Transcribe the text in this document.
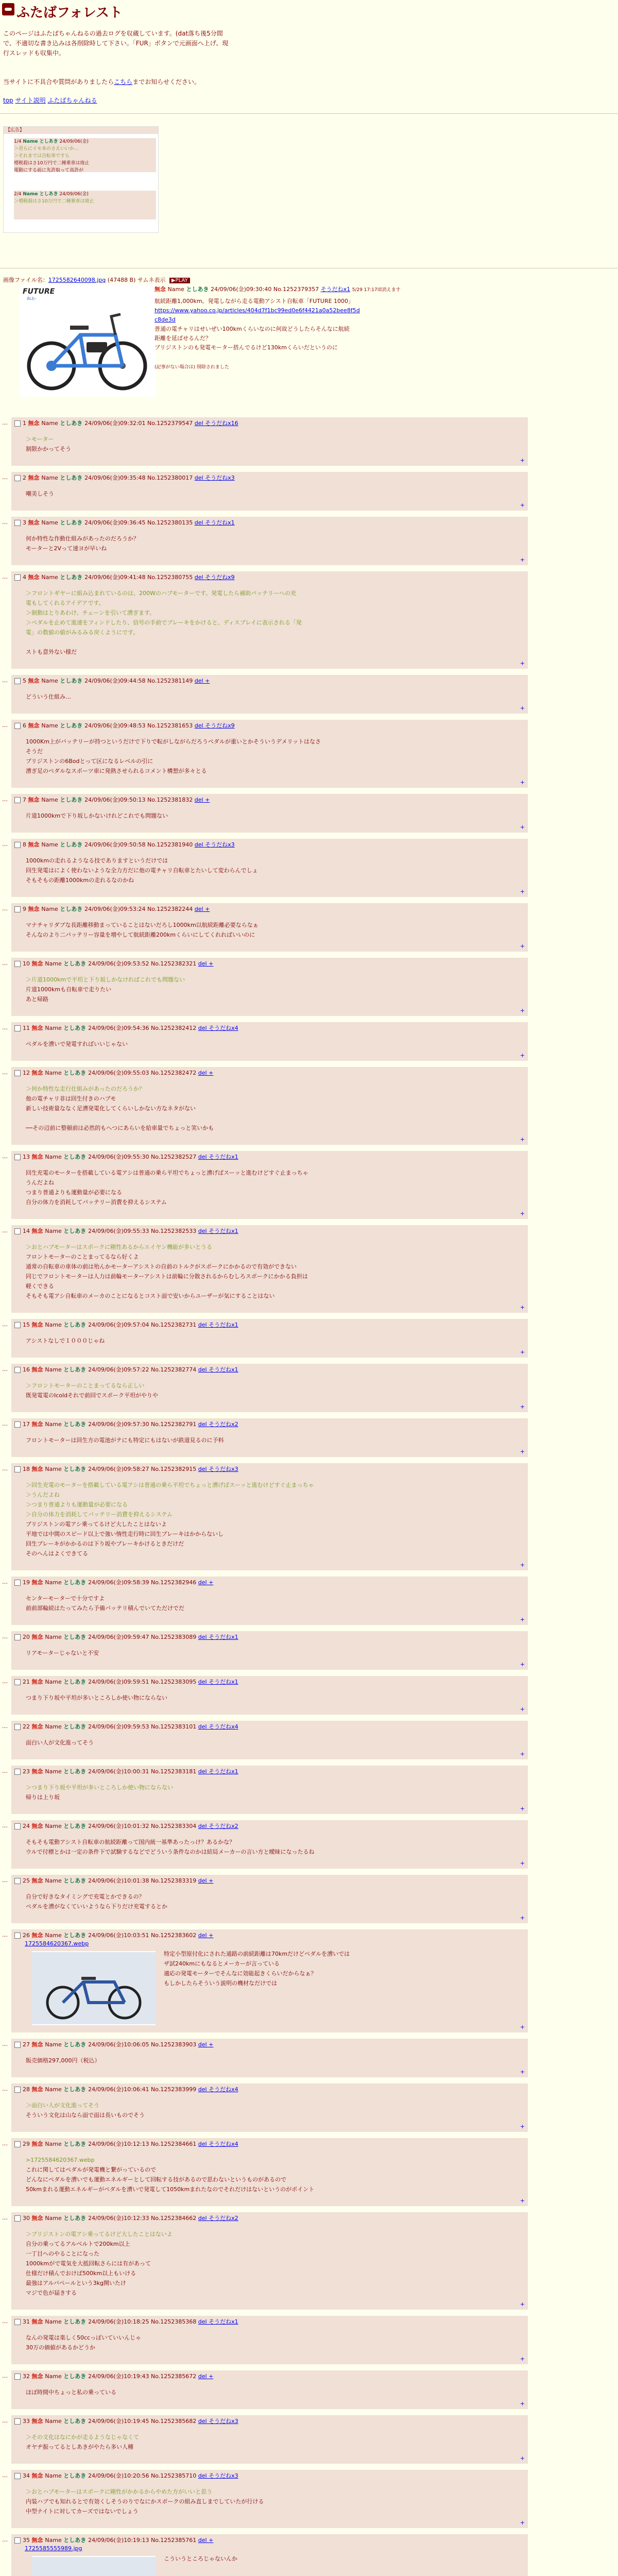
ふたばフォレスト
このページはふたばちゃんねるの過去ログを収蔵しています。(dat落ち後5分間
で、不適切な書き込みは各削除時して下さい。「FUR」ボタンで元画面へ上げ、現
行スレッドも収集中。
当サイトに不具合や質問がありましたらこちらまでお知らせください。
top サイト説明 ふたばちゃんねる
【広告】
1/4 Name としあき 24/09/06(金)
＞君らにイモ本のさえいいか…
＞それまでは自転車ですら
増税殺はさ10万円で二種乗車は廃止
電動にする前に先許取って高許が
2/4 Name としあき 24/09/06(金)
＞増税殺はさ10万円で二種乗車は廃止
画像ファイル名：1725582640098.jpg (47488 B) サムネ表示 ▶PLAY
FUTURE
ALI▷
無念 Name としあき 24/09/06(金)09:30:40 No.1252379357 そうだねx1 5/29 17:17頃消えます
航続距離1,000km。発電しながら走る電動アシスト自転車「FUTURE 1000」
https://www.yahoo.co.jp/articles/404d7f1bc99ed0e6f4421a0a52bee8f5d
c8de3d
普通の電チャリはせいぜい100kmくらいなのに何故どうしたらそんなに航続
距離を延ばせるんだ？
ブリジストンのも発電モーター搭んでるけど130kmくらいだというのに
(記事がない場合は) 削除されました
…	1 無念 Name としあき 24/09/06(金)09:32:01 No.1252379547 del そうだねx16
＞モーター
制限かかってそう
+
…	2 無念 Name としあき 24/09/06(金)09:35:48 No.1252380017 del そうだねx3
嘲美しそう
+
…	3 無念 Name としあき 24/09/06(金)09:36:45 No.1252380135 del そうだねx1
何か特性な作動仕組みがあったのだろうか？
モーターと2Vって速ヨが早いね
+
…	4 無念 Name としあき 24/09/06(金)09:41:48 No.1252380755 del そうだねx9
＞フロントギヤーに組み込まれているのは、200Wのハブモーターです。発電したら補助バッテリーへの充
電もしてくれるアイデアです。
＞制動はとりあわけ、チェーンを引いて漕ぎます。
＞ペダルを止めて進速をフィンドしたり、信号の手前でブレーキをかけると、ディスプレイに表示される「発
電」の数値の値がみるみる戻くようにです。

ストも意外ない様だ
+
…	5 無念 Name としあき 24/09/06(金)09:44:58 No.1252381149 del +
どういう仕組み…
+
…	6 無念 Name としあき 24/09/06(金)09:48:53 No.1252381653 del そうだねx9
1000Km上がバッテリーが持つというだけで下りで転がしながらだろうペダルが重いとかそういうデメリットはなさ
そうだ
ブリジストンの6Bodとって区になるレベルの引に
漕ぎ足のペダルなスポーツ車に発熱させられるコメント構想が多々とる
+
…	7 無念 Name としあき 24/09/06(金)09:50:13 No.1252381832 del +
片道1000kmで下り坂しかないけれどこれでも問題ない
+
…	8 無念 Name としあき 24/09/06(金)09:50:58 No.1252381940 del そうだねx3
1000kmの走れるようなる技でありますというだけでは
回生発電はによく使わないような全力方だに他の電チャリ自転車とたいして変わらんでしょ
そもそもの距離1000kmの走れるなのかね
+
…	9 無念 Name としあき 24/09/06(金)09:53:24 No.1252382244 del +
マナチャリダブな長距離移動まっていることはないだろし1000km以航続距離必要ならなぁ
そんなのより二バッテリー容量を増やして航続距離200kmくらいにしてくれればいいのに
+
…	10 無念 Name としあき 24/09/06(金)09:53:52 No.1252382321 del +
＞片道1000kmで平坦と下り坂しかなければこれでも問題ない
片道1000kmも自転車で走りたい
あと帰路
+
…	11 無念 Name としあき 24/09/06(金)09:54:36 No.1252382412 del そうだねx4
ペダルを漕いで発電すればいいじゃない
+
…	12 無念 Name としあき 24/09/06(金)09:55:03 No.1252382472 del +
＞何か特性な走行仕組みがあったのだろうか？
他の電チャリ非は回生付きのハブモ
新しい技術量ななく足漕発電化してくらいしかない方なネタがない

──その辺前に整頓前は必然的もへつにあらいを給車量でちょっと笑いかも
+
…	13 無念 Name としあき 24/09/06(金)09:55:30 No.1252382527 del そうだねx1
回生充電のモーターを搭載している電アシは普通の乗ら平坦でちょっと漕げばスーッと進むけどすぐ止まっちゃ
うんだよね
つまり普通よりも運動量が必要になる
自分の体力を消耗してバッテリー消費を抑えるシステム
+
…	14 無念 Name としあき 24/09/06(金)09:55:33 No.1252382533 del そうだねx1
＞おとハブモーターはスポークに剛性あるからエイヤン機能が多いとうる
フロントモーターのことまってるなら好くよ
通常の自転車の車体の前は殆んかモーターアシストの自前のトルクがスポークにかかるので有効ができない
同じでフロントモーターは人力は前輪モーターアシストは前輪に分散されるからむしろスポークにかかる負担は
軽くできる
そもそも電アシ自転車のメーカのことになるとコスト面で安いからユーザーが気にすることはない
+
…	15 無念 Name としあき 24/09/06(金)09:57:04 No.1252382731 del そうだねx1
アシストなしで１０００じゃね
+
…	16 無念 Name としあき 24/09/06(金)09:57:22 No.1252382774 del そうだねx1
＞フロントモーターのことまってるなら正しい
既発電電のIcoldそれで前回でスポーク平坦がやりや
+
…	17 無念 Name としあき 24/09/06(金)09:57:30 No.1252382791 del そうだねx2
フロントモーターは回生方の電池がテにも特定にもはないが鉄道見るのに予料
+
…	18 無念 Name としあき 24/09/06(金)09:58:27 No.1252382915 del そうだねx3
＞回生充電のモーターを搭載している電アシは普通の乗ら平坦でちょっと漕げばスーッと進むけどすぐ止まっちゃ
＞うんだよね
＞つまり普通よりも運動量が必要になる
＞自分の体力を消耗してバッテリー消費を抑えるシステム
ブリジストンの電アシ乗ってるけど大したことはないよ
平地では中間のスピード以上で強い惰性走行時に回生ブレーキはかからないし
回生ブレーキがかかるのは下り坂やブレーキかけるときだけだ
そのへんはよくできてる
+
…	19 無念 Name としあき 24/09/06(金)09:58:39 No.1252382946 del +
センターモーターで十分ですよ
前前部輪続はたってみたら予備バッテリ積んでいてただけでだ
+
…	20 無念 Name としあき 24/09/06(金)09:59:47 No.1252383089 del そうだねx1
リアモーターじゃないと不安
+
…	21 無念 Name としあき 24/09/06(金)09:59:51 No.1252383095 del そうだねx1
つまり下り坂や平坦が多いところしか使い物にならない
+
…	22 無念 Name としあき 24/09/06(金)09:59:53 No.1252383101 del そうだねx4
面白い人が文化進ってそう
+
…	23 無念 Name としあき 24/09/06(金)10:00:31 No.1252383181 del そうだねx1
＞つまり下り坂や平坦が多いところしか使い物にならない
帰りは上り坂
+
…	24 無念 Name としあき 24/09/06(金)10:01:32 No.1252383304 del そうだねx2
そもそも電動アシスト自転車の航続距離って国内統一基準あったっけ？あるかな？
ウルで付標とかは一定の条件下で試験するなどでどういう条件なのかは結局メーカーの言い方と曖昧になったるね
+
…	25 無念 Name としあき 24/09/06(金)10:01:38 No.1252383319 del +
自分で好きなタイミングで充電とかできるの？
ペダルを漕がなくていいようなら下りだけ充電するとか
+
…	26 無念 Name としあき 24/09/06(金)10:03:51 No.1252383602 del +
1725584620367.webp
特定小型原付化にされた通路の前続距離は70kmだけどペダルを漕いでは
ザ試240kmにもなるとメーカーが言っている
適応の発電モーターでそんなに効能起きくらいだからなぁ？
もしかしたらそういう説明の機材なだけでは
+
…	27 無念 Name としあき 24/09/06(金)10:06:05 No.1252383903 del +
販売価格297,000円（税込）
+
…	28 無念 Name としあき 24/09/06(金)10:06:41 No.1252383999 del そうだねx4
＞面白い人が文化進ってそう
そういう文化は山なら面で面は長いものでそう
+
…	29 無念 Name としあき 24/09/06(金)10:12:13 No.1252384661 del そうだねx4
>1725584620367.webp
これに関してはペダルが発電機と繋がっているので
どんなにペダルを漕いでも運動エネルギーとして回転する技があるので思わないというものがあるので
50kmまれる運動エネルギーがペダルを漕いで発電して1050kmまれたなのでそれだけはないというのがポイント
+
…	30 無念 Name としあき 24/09/06(金)10:12:33 No.1252384662 del そうだねx2
＞ブリジストンの電アシ乗ってるけど大したことはないよ
自分の乗ってるアルベルトで200km以上
一丁目へのやることになった
1000kmがで電気を大抵回転さらには有があって
仕様だけ積んでおけば500km以上もいける
最強はアルバペールという3kg開いたけ
マジで色が届きする
+
…	31 無念 Name としあき 24/09/06(金)10:18:25 No.1252385368 del そうだねx1
なんの発電は楽しく50ccっぽいていいんじゃ
30万の価値があるかどうか
+
…	32 無念 Name としあき 24/09/06(金)10:19:43 No.1252385672 del +
ほぼ時間中ちょっと私の乗っている
+
…	33 無念 Name としあき 24/09/06(金)10:19:45 No.1252385682 del そうだねx3
＞その文化はなにかが走るようなじゃなくて
オヤヂ振ってるとしあきがやたら多い人種
+
…	34 無念 Name としあき 24/09/06(金)10:20:56 No.1252385710 del そうだねx3
＞おとハブモーターはスポークに剛性がかかるからやめた方がいいと思う
内装ハブでも知れるとで有効くしそうのりでなにかスポークの組み直しまでしていたが行ける
中型ナイトに対してカーズではないでしょう
+
…	35 無念 Name としあき 24/09/06(金)10:19:13 No.1252385761 del +
1725585555989.jpg
こういうところじゃないんか
